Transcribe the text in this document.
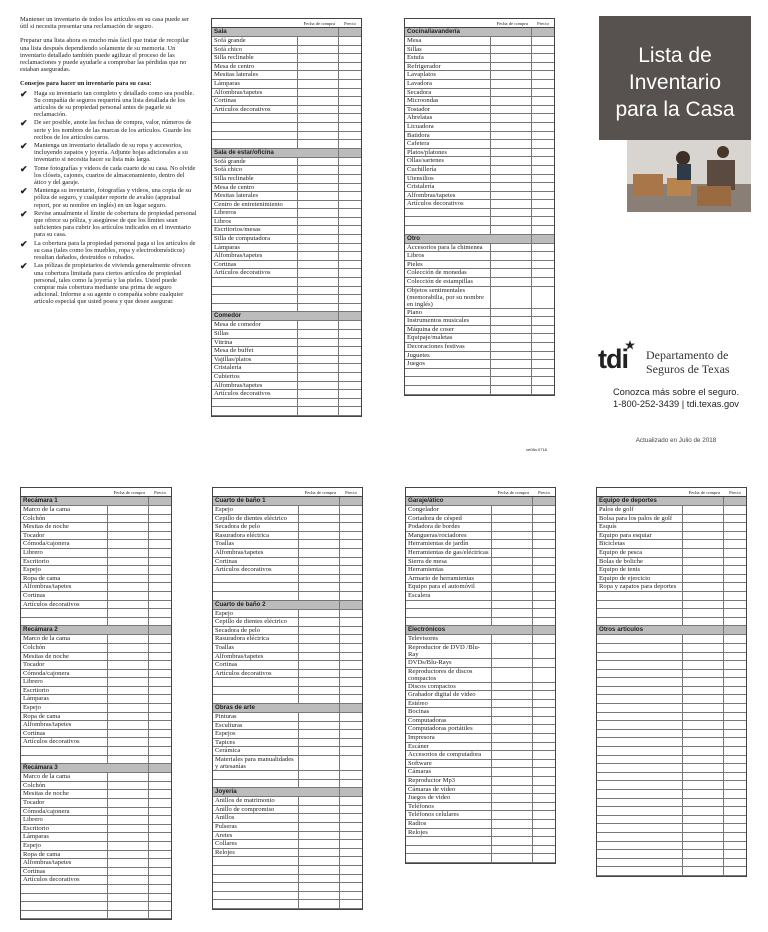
Mantener un inventario de todos los artículos en su casa puede ser útil si necesita presentar una reclamación de seguro.

Preparar una lista ahora es mucho más fácil que tratar de recopilar una lista después dependiendo solamente de su memoria. Un inventario detallado también puede agilizar el proceso de las reclamaciones y puede ayudarle a comprobar las pérdidas que no estaban aseguradas.

Consejos para hacer un inventario para su casa:
✔ Haga su inventario tan completo y detallado como sea posible. Su compañía de seguros requerirá una lista detallada de los artículos de su propiedad personal antes de pagarle su reclamación.
✔ De ser posible, anote las fechas de compra, valor, números de serie y los nombres de las marcas de los artículos. Guarde los recibos de los artículos caros.
✔ Mantenga un inventario detallado de su ropa y accesorios, incluyendo zapatos y joyería. Adjunte hojas adicionales a su inventario si necesita hacer su lista más larga.
✔ Tome fotografías y videos de cada cuarto de su casa. No olvide los clósets, cajones, cuartos de almacenamiento, dentro del ático y del garaje.
✔ Mantenga su inventario, fotografías y videos, una copia de su póliza de seguro, y cualquier reporte de avalúo (appraisal report, por su nombre en inglés) en un lugar seguro.
✔ Revise anualmente el límite de cobertura de propiedad personal que ofrece su póliza, y asegúrese de que los límites sean suficientes para cubrir los artículos indicados en el inventario para su casa.
✔ La cobertura para la propiedad personal paga si los artículos de su casa (tales como los muebles, ropa y electrodomésticos) resultan dañados, destruidos o robados.
✔ Las pólizas de propietarios de vivienda generalmente ofrecen una cobertura limitada para ciertos artículos de propiedad personal, tales como la joyería y las pieles. Usted puede comprar más cobertura mediante una prima de seguro adicional. Informe a su agente o compañía sobre cualquier artículo especial que usted posea y que desee asegurar.
Fecha de compra	Precio
Sala
Sofá grande
Sofá chico
Silla reclinable
Mesa de centro
Mesitas laterales
Lámparas
Alfombras/tapetes
Cortinas
Artículos decorativos
Sala de estar/oficina
Sofá grande
Sofá chico
Silla reclinable
Mesa de centro
Mesitas laterales
Centro de entretenimiento
Libreros
Libros
Escritorios/mesas
Silla de computadora
Lámparas
Alfombras/tapetes
Cortinas
Artículos decorativos
Comedor
Mesa de comedor
Sillas
Vitrina
Mesa de buffet
Vajillas/platos
Cristalería
Cubiertos
Alfombras/tapetes
Artículos decorativos
Fecha de compra	Precio
Cocina/lavandería
Mesa
Sillas
Estufa
Refrigerador
Lavaplatos
Lavadora
Secadora
Microondas
Tostador
Abrelatas
Licuadora
Batidora
Cafetera
Platos/platones
Ollas/sartenes
Cuchillería
Utensilios
Cristalería
Alfombras/tapetes
Artículos decorativos
Otro
Accesorios para la chimenea
Libros
Pieles
Colección de monedas
Colección de estampillas
Objetos sentimentales (memorabilia, por su nombre en inglés)
Piano
Instrumentos musicales
Máquina de coser
Equipaje/maletas
Decoraciones festivas
Juguetes
Juegos
Fecha de compra	Precio
Recámara 1
Marco de la cama
Colchón
Mesitas de noche
Tocador
Cómoda/cajonera
Librero
Escritorio
Espejo
Ropa de cama
Alfombras/tapetes
Cortinas
Artículos decorativos
Recámara 2
Marco de la cama
Colchón
Mesitas de noche
Tocador
Cómoda/cajonera
Librero
Escritorio
Lámparas
Espejo
Ropa de cama
Alfombras/tapetes
Cortinas
Artículos decorativos
Recámara 3
Marco de la cama
Colchón
Mesitas de noche
Tocador
Cómoda/cajonera
Librero
Escritorio
Lámparas
Espejo
Ropa de cama
Alfombras/tapetes
Cortinas
Artículos decorativos
Fecha de compra	Precio
Cuarto de baño 1
Espejo
Cepillo de dientes eléctrico
Secadora de pelo
Rasuradora eléctrica
Toallas
Alfombras/tapetes
Cortinas
Artículos decorativos
Cuarto de baño 2
Espejo
Cepillo de dientes eléctrico
Secadora de pelo
Rasuradora eléctrica
Toallas
Alfombras/tapetes
Cortinas
Artículos decorativos
Obras de arte
Pinturas
Esculturas
Espejos
Tapices
Cerámica
Materiales para manualidades y artesanías
Joyería
Anillos de matrimonio
Anillo de compromiso
Anillos
Pulseras
Aretes
Collares
Relojes
Fecha de compra	Precio
Garaje/ático
Congelador
Cortadora de césped
Podadora de bordes
Mangueras/rociadores
Herramientas de jardín
Herramientas de gas/eléctricas
Sierra de mesa
Herramientas
Armario de herramientas
Equipo para el automóvil
Escalera
Electrónicos
Televisores
Reproductor de DVD /Blu-Ray
DVDs/Blu-Rays
Reproductores de discos compactos
Discos compactos
Grabador digital de video
Estéreo
Bocinas
Computadoras
Computadoras portátiles
Impresora
Escáner
Accesorios de computadora
Software
Cámaras
Reproductor Mp3
Cámaras de video
Juegos de video
Teléfonos
Teléfonos celulares
Radios
Relojes
Fecha de compra	Precio
Equipo de deportes
Palos de golf
Bolsa para los palos de golf
Esquís
Equipo para esquiar
Bicicletas
Equipo de pesca
Bolas de boliche
Equipo de tenis
Equipo de ejercicio
Ropa y zapatos para deportes
Otros artículos
ce08o.0718
Lista de
Inventario
para la Casa
tdi Departamento de
Seguros de Texas
Conozca más sobre el seguro.
1-800-252-3439 | tdi.texas.gov
Actualizado en Julio de 2018
